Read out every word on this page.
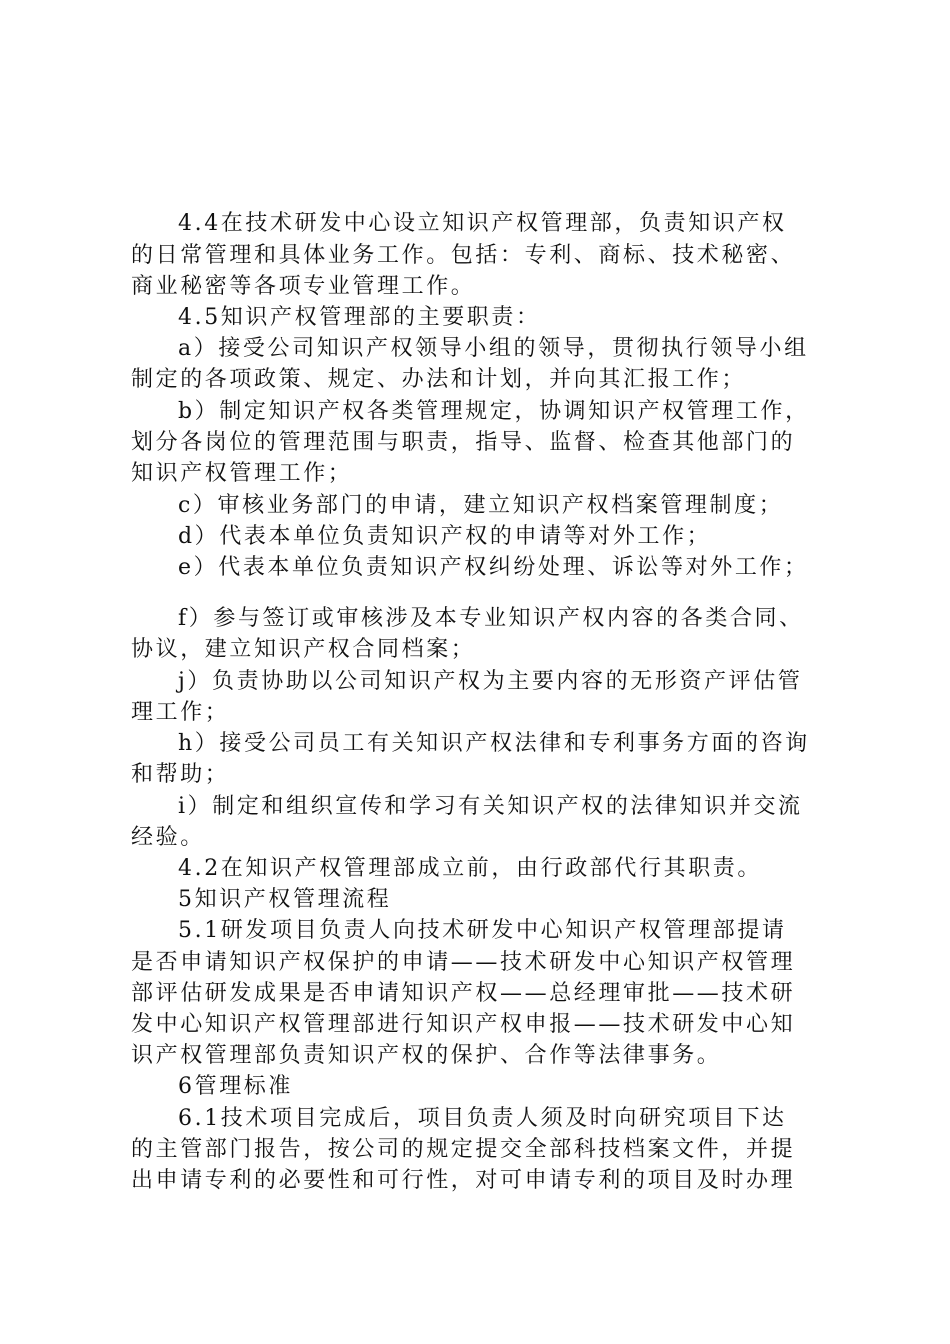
4.4在技术研发中心设立知识产权管理部，负责知识产权
的日常管理和具体业务工作。包括：专利、商标、技术秘密、
商业秘密等各项专业管理工作。
4.5知识产权管理部的主要职责：
a）接受公司知识产权领导小组的领导，贯彻执行领导小组
制定的各项政策、规定、办法和计划，并向其汇报工作；
b）制定知识产权各类管理规定，协调知识产权管理工作，
划分各岗位的管理范围与职责，指导、监督、检查其他部门的
知识产权管理工作；
c）审核业务部门的申请，建立知识产权档案管理制度；
d）代表本单位负责知识产权的申请等对外工作；
e）代表本单位负责知识产权纠纷处理、诉讼等对外工作；
f）参与签订或审核涉及本专业知识产权内容的各类合同、
协议，建立知识产权合同档案；
j）负责协助以公司知识产权为主要内容的无形资产评估管
理工作；
h）接受公司员工有关知识产权法律和专利事务方面的咨询
和帮助；
i）制定和组织宣传和学习有关知识产权的法律知识并交流
经验。
4.2在知识产权管理部成立前，由行政部代行其职责。
5知识产权管理流程
5.1研发项目负责人向技术研发中心知识产权管理部提请
是否申请知识产权保护的申请——技术研发中心知识产权管理
部评估研发成果是否申请知识产权——总经理审批——技术研
发中心知识产权管理部进行知识产权申报——技术研发中心知
识产权管理部负责知识产权的保护、合作等法律事务。
6管理标准
6.1技术项目完成后，项目负责人须及时向研究项目下达
的主管部门报告，按公司的规定提交全部科技档案文件，并提
出申请专利的必要性和可行性，对可申请专利的项目及时办理
